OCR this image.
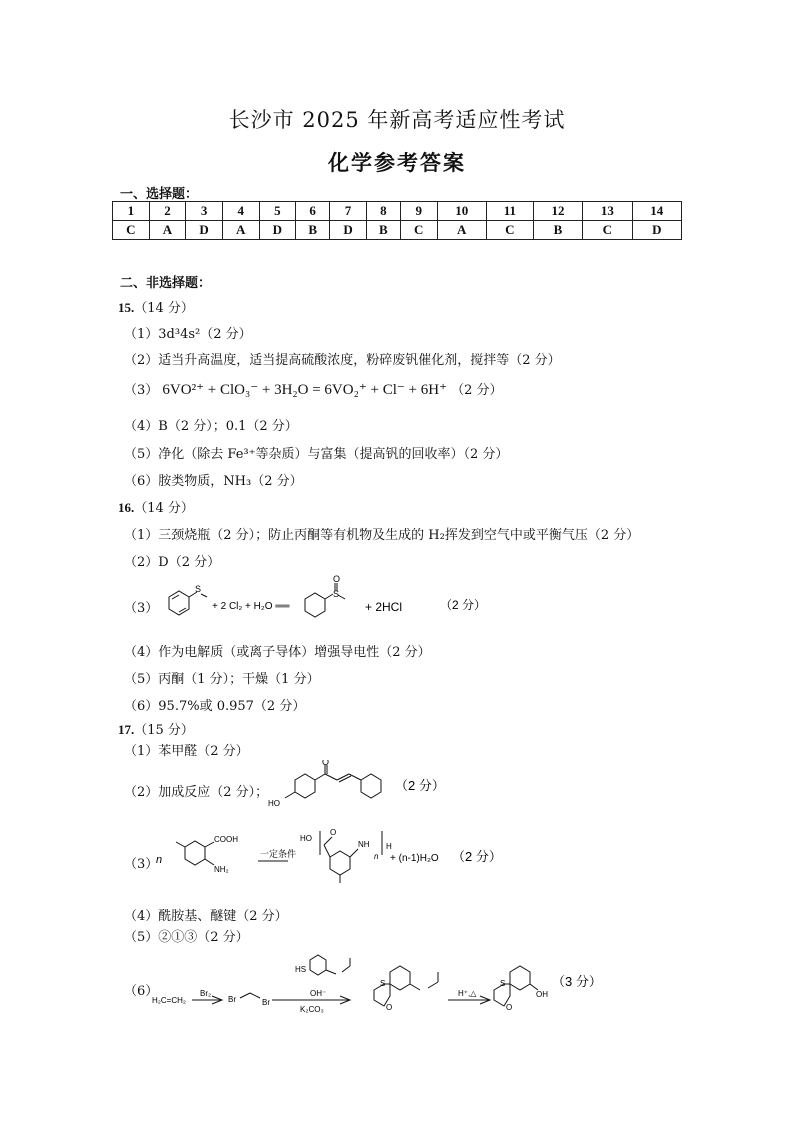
长沙市 2025 年新高考适应性考试
化学参考答案
一、选择题：
1	2	3	4	5	6	7	8	9	10	11	12	13	14
C	A	D	A	D	B	D	B	C	A	C	B	C	D
二、非选择题：
15.（14 分）
（1）3d³4s²（2 分）
（2）适当升高温度，适当提高硫酸浓度，粉碎废钒催化剂，搅拌等（2 分）
（3） 6VO²⁺ + ClO₃⁻ + 3H₂O = 6VO₂⁺ + Cl⁻ + 6H⁺ （2 分）
（4）B（2 分）；0.1（2 分）
（5）净化（除去 Fe³⁺等杂质）与富集（提高钒的回收率）（2 分）
（6）胺类物质，NH₃（2 分）
16.（14 分）
（1）三颈烧瓶（2 分）；防止丙酮等有机物及生成的 H₂挥发到空气中或平衡气压（2 分）
（2）D（2 分）
（3）
S
+ 2 Cl₂ + H₂O ══
S
O
+ 2HCl	（2 分）
（4）作为电解质（或离子导体）增强导电性（2 分）
（5）丙酮（1 分）；干燥（1 分）
（6）95.7%或 0.957（2 分）
17.（15 分）
（1）苯甲醛（2 分）
（2）加成反应（2 分）；
O
HO
（2 分）
（3）
n
COOH
NH₂
一定条件
HO
O
NH H
n + (n-1)H₂O （2 分）
（4）酰胺基、醚键（2 分）
（5）②①③（2 分）
（6）
H₂C=CH₂
Br₂
Br	Br
HS
OH⁻
K₂CO₃
S
O
H⁺,△
S
O
OH
（3 分）
